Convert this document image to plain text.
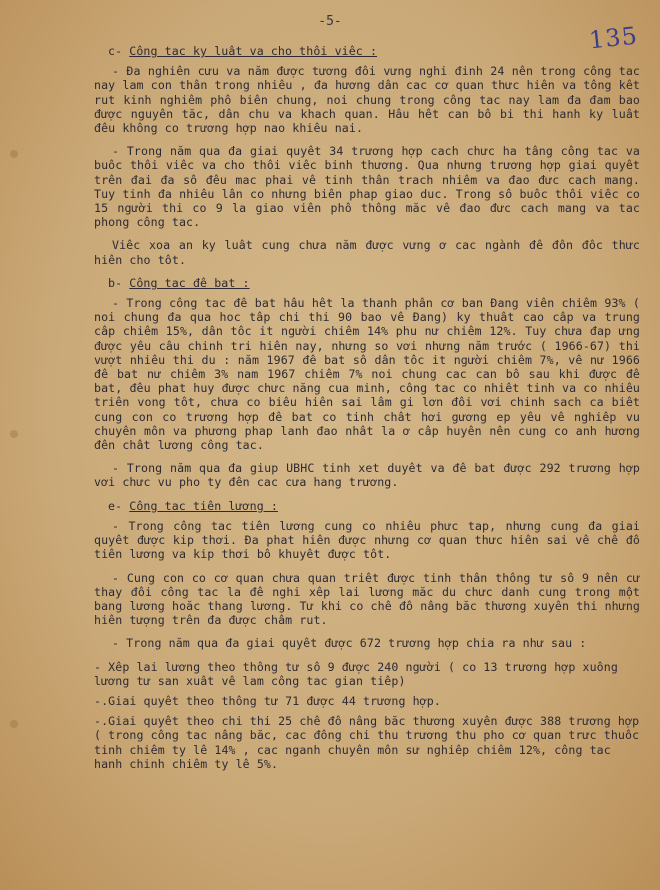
-5-
135
c- Công tac ky luât va cho thôi viêc :

- Đa nghiên cưu va năm được tương đôi vưng nghi đinh 24 nên trong công tac nay lam con thân trong nhiêu , đa hương dân cac cơ quan thưc hiên va tông kêt rut kinh nghiêm phô biên chung, noi chung trong công tac nay lam đa đam bao được nguyên tăc, dân chu va khach quan. Hâu hêt can bô bi thi hanh ky luât đêu không co trương hợp nao khiêu nai.

- Trong năm qua đa giai quyêt 34 trương hợp cach chưc ha tâng công tac va buôc thôi viêc va cho thôi viêc binh thương. Qua nhưng trương hợp giai quyêt trên đai đa sô đêu mac phai vê tinh thân trach nhiêm va đao đưc cach mang. Tuy tinh đa nhiêu lân co nhưng biên phap giao duc. Trong sô buôc thôi viêc co 15 người thi co 9 la giao viên phô thông măc vê đao đưc cach mang va tac phong công tac.

Viêc xoa an ky luât cung chưa năm được vưng ơ cac ngành đê đôn đôc thưc hiên cho tôt.

b- Công tac đê bat :

- Trong công tac đê bat hâu hêt la thanh phân cơ ban Đang viên chiêm 93% ( noi chung đa qua hoc tâp chi thi 90 bao vê Đang) ky thuât cao câp va trung câp chiêm 15%, dân tôc it người chiêm 14% phu nư chiêm 12%. Tuy chưa đap ưng được yêu câu chinh tri hiên nay, nhưng so vơi nhưng năm trước ( 1966-67) thi vượt nhiêu thi du : năm 1967 đê bat sô dân tôc it người chiêm 7%, vê nư 1966 đê bat nư chiêm 3% nam 1967 chiêm 7% noi chung cac can bô sau khi được đê bat, đêu phat huy được chưc năng cua minh, công tac co nhiêt tinh va co nhiêu triên vong tôt, chưa co biêu hiên sai lâm gi lơn đôi vơi chinh sach ca biêt cung con co trương hợp đê bat co tinh chât hơi gương ep yêu vê nghiêp vu chuyên môn va phương phap lanh đao nhât la ơ câp huyên nên cung co anh hương đên chât lương công tac.

- Trong năm qua đa giup UBHC tinh xet duyêt va đê bat được 292 trương hợp vơi chưc vu pho ty đên cac cưa hang trương.

e- Công tac tiên lương :

- Trong công tac tiên lương cung co nhiêu phưc tap, nhưng cung đa giai quyêt được kip thơi. Đa phat hiên được nhưng cơ quan thưc hiên sai vê chê đô tiên lương va kip thơi bô khuyêt được tôt.

- Cung con co cơ quan chưa quan triêt được tinh thân thông tư sô 9 nên cư thay đôi công tac la đê nghi xêp lai lương măc du chưc danh cung trong một bang lương hoăc thang lương. Tư khi co chê đô nâng băc thương xuyên thi nhưng hiên tượng trên đa được châm rut.

- Trong năm qua đa giai quyêt được 672 trương hợp chia ra như sau :

- Xêp lai lương theo thông tư sô 9 được 240 người ( co 13 trương hợp xuông lương tư san xuât vê lam công tac gian tiêp)

-.Giai quyêt theo thông tư 71 được 44 trương hợp.

-.Giai quyêt theo chi thi 25 chê đô nâng băc thương xuyên được 388 trương hợp ( trong công tac nâng băc, cac đông chi thu trương thu pho cơ quan trưc thuôc tinh chiêm ty lê 14% , cac nganh chuyên môn sư nghiêp chiêm 12%, công tac hanh chinh chiêm ty lê 5%.
